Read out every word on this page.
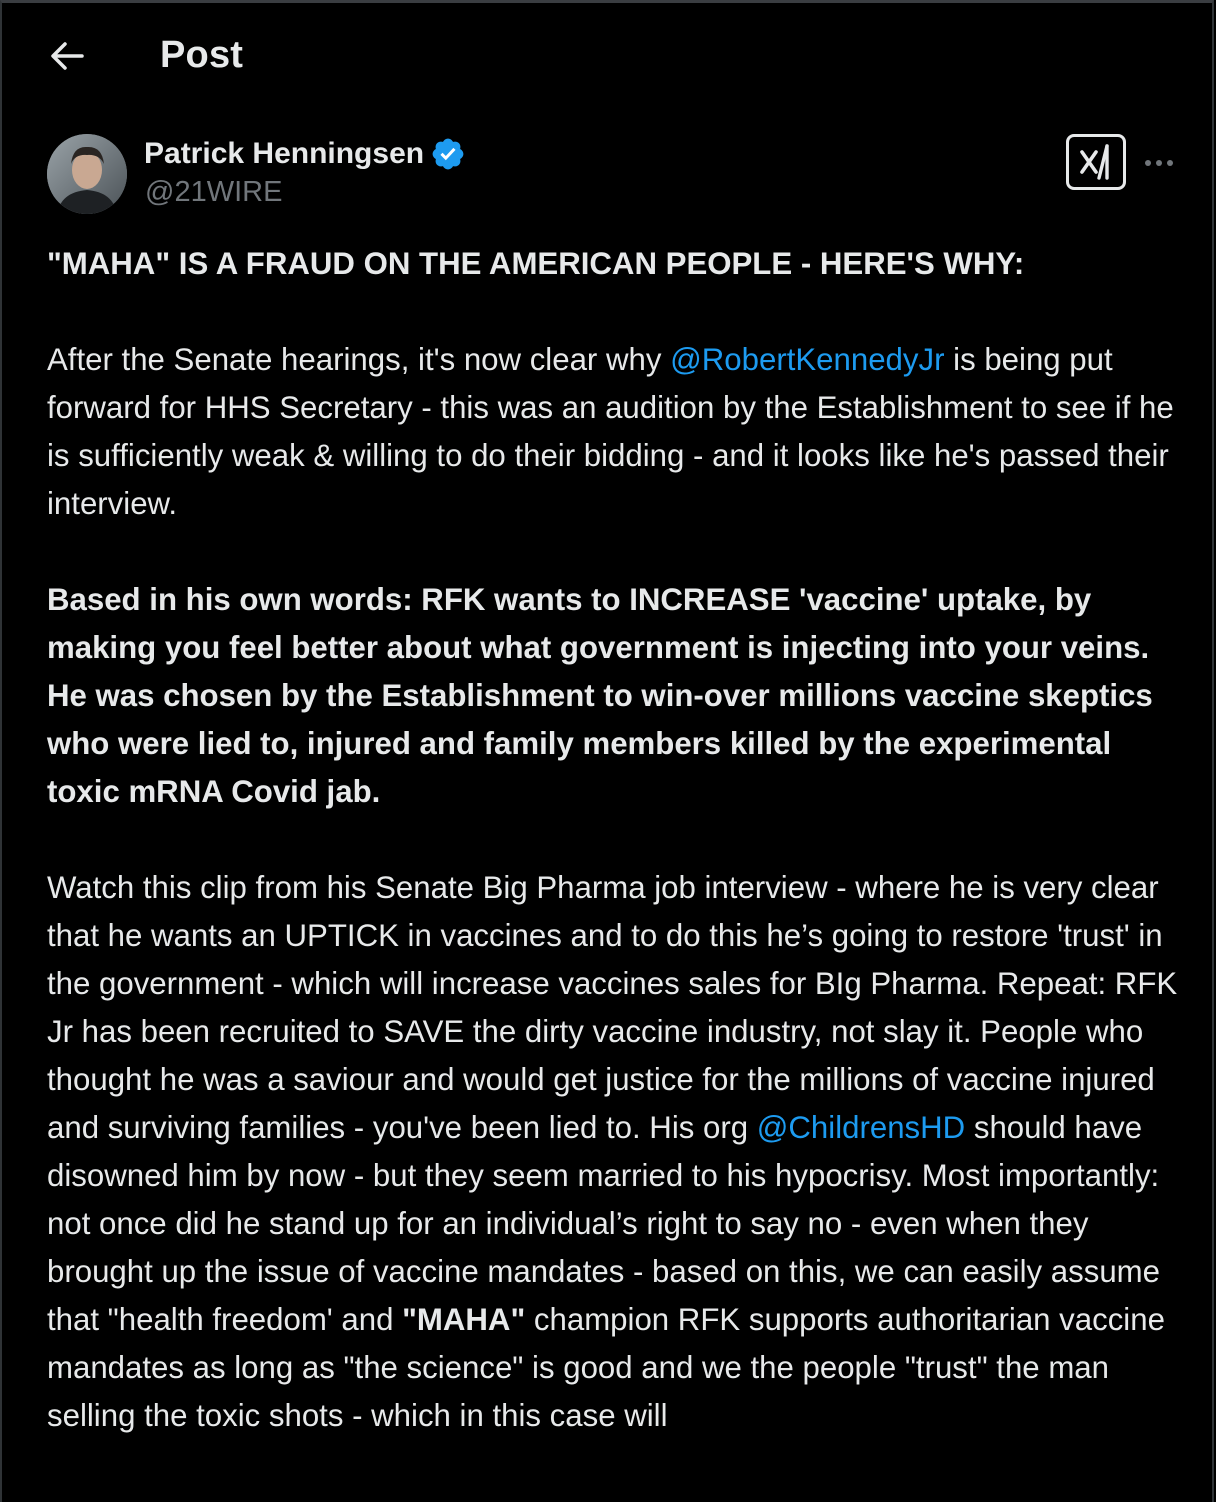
Post
Patrick Henningsen
@21WIRE
"MAHA" IS A FRAUD ON THE AMERICAN PEOPLE - HERE'S WHY:
After the Senate hearings, it's now clear why @RobertKennedyJr is being put forward for HHS Secretary - this was an audition by the Establishment to see if he is sufficiently weak & willing to do their bidding - and it looks like he's passed their interview.
Based in his own words: RFK wants to INCREASE 'vaccine' uptake, by making you feel better about what government is injecting into your veins. He was chosen by the Establishment to win-over millions vaccine skeptics who were lied to, injured and family members killed by the experimental toxic mRNA Covid jab.
Watch this clip from his Senate Big Pharma job interview - where he is very clear that he wants an UPTICK in vaccines and to do this he’s going to restore 'trust' in the government - which will increase vaccines sales for BIg Pharma. Repeat: RFK Jr has been recruited to SAVE the dirty vaccine industry, not slay it. People who thought he was a saviour and would get justice for the millions of vaccine injured and surviving families - you've been lied to. His org @ChildrensHD should have disowned him by now - but they seem married to his hypocrisy. Most importantly: not once did he stand up for an individual’s right to say no - even when they brought up the issue of vaccine mandates - based on this, we can easily assume that "health freedom' and "MAHA" champion RFK supports authoritarian vaccine mandates as long as "the science" is good and we the people "trust" the man selling the toxic shots - which in this case will
